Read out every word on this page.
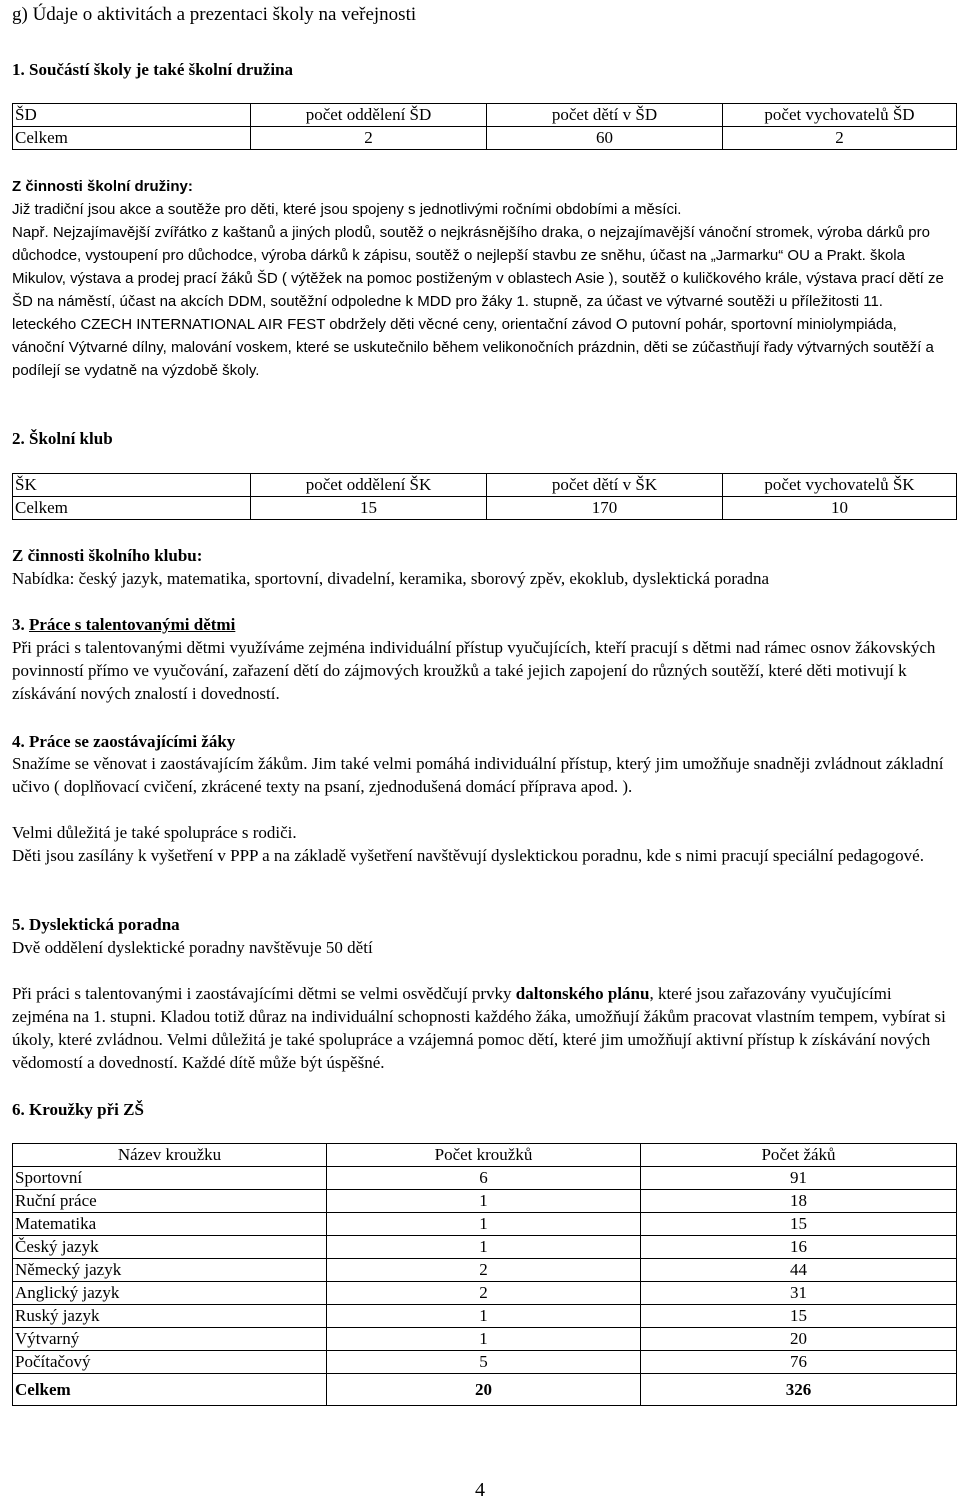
g) Údaje o aktivitách a prezentaci školy na veřejnosti

1. Součástí školy je také školní družina

ŠD	počet oddělení ŠD	počet dětí v ŠD	počet vychovatelů ŠD
Celkem	2	60	2

Z činnosti školní družiny:

Již tradiční jsou akce a soutěže pro děti, které jsou spojeny s jednotlivými ročními obdobími a měsíci.

Např. Nejzajímavější zvířátko z kaštanů a jiných plodů, soutěž o nejkrásnějšího draka, o nejzajímavější vánoční stromek, výroba dárků pro důchodce, vystoupení pro důchodce, výroba dárků k zápisu, soutěž o nejlepší stavbu ze sněhu, účast na „Jarmarku“ OU a Prakt. škola Mikulov, výstava a prodej prací žáků ŠD ( výtěžek na pomoc postiženým v oblastech Asie ), soutěž o kuličkového krále, výstava prací dětí ze ŠD na náměstí, účast na akcích DDM, soutěžní odpoledne k MDD pro žáky 1. stupně, za účast ve výtvarné soutěži u příležitosti 11. leteckého CZECH INTERNATIONAL AIR FEST obdržely děti věcné ceny, orientační závod O putovní pohár, sportovní miniolympiáda, vánoční Výtvarné dílny, malování voskem, které se uskutečnilo během velikonočních prázdnin, děti se zúčastňují řady výtvarných soutěží a podílejí se vydatně na výzdobě školy.

2. Školní klub

ŠK	počet oddělení ŠK	počet dětí v ŠK	počet vychovatelů ŠK
Celkem	15	170	10

Z činnosti školního klubu:

Nabídka: český jazyk, matematika, sportovní, divadelní, keramika, sborový zpěv, ekoklub, dyslektická poradna

3. Práce s talentovanými dětmi

Při práci s talentovanými dětmi využíváme zejména individuální přístup vyučujících, kteří pracují s dětmi nad rámec osnov žákovských povinností přímo ve vyučování, zařazení dětí do zájmových kroužků a také jejich zapojení do různých soutěží, které děti motivují k získávání nových znalostí i dovedností.

4. Práce se zaostávajícími žáky

Snažíme se věnovat i zaostávajícím žákům. Jim také velmi pomáhá individuální přístup, který jim umožňuje snadněji zvládnout základní učivo ( doplňovací cvičení, zkrácené texty na psaní, zjednodušená domácí příprava apod. ).

Velmi důležitá je také spolupráce s rodiči.

Děti jsou zasílány k vyšetření v PPP a na základě vyšetření navštěvují dyslektickou poradnu, kde s nimi pracují speciální pedagogové.

5. Dyslektická poradna

Dvě oddělení dyslektické poradny navštěvuje 50 dětí

Při práci s talentovanými i zaostávajícími dětmi se velmi osvědčují prvky daltonského plánu, které jsou zařazovány vyučujícími zejména na 1. stupni. Kladou totiž důraz na individuální schopnosti každého žáka, umožňují žákům pracovat vlastním tempem, vybírat si úkoly, které zvládnou. Velmi důležitá je také spolupráce a vzájemná pomoc dětí, které jim umožňují aktivní přístup k získávání nových vědomostí a dovedností. Každé dítě může být úspěšné.

6. Kroužky při ZŠ

Název kroužku	Počet kroužků	Počet žáků
Sportovní	6	91
Ruční práce	1	18
Matematika	1	15
Český jazyk	1	16
Německý jazyk	2	44
Anglický jazyk	2	31
Ruský jazyk	1	15
Výtvarný	1	20
Počítačový	5	76
Celkem	20	326

4
